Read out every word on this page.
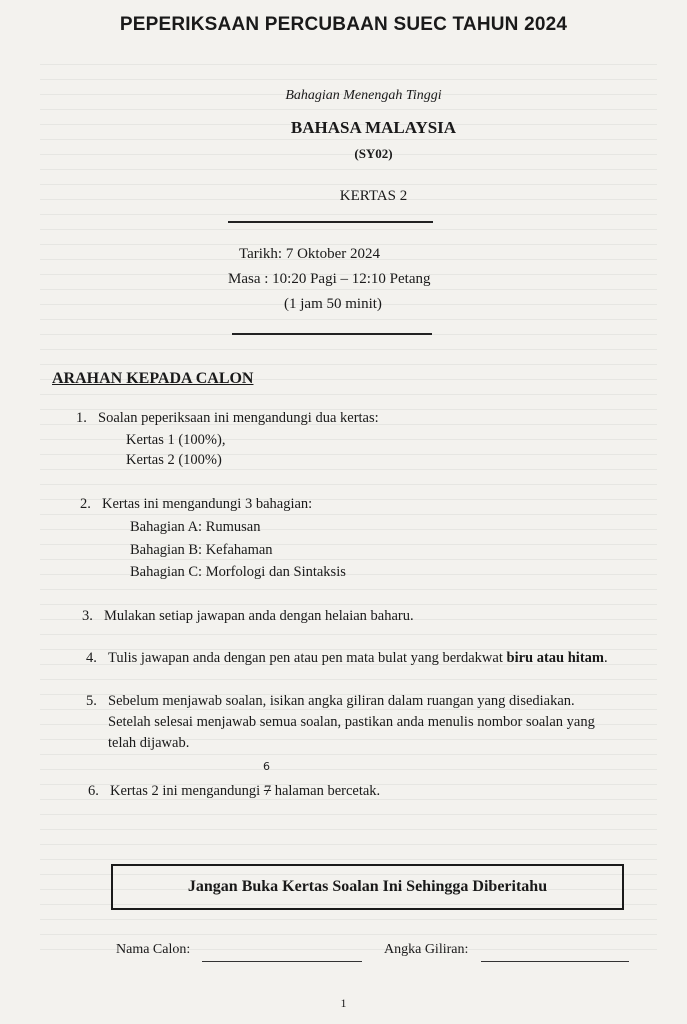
PEPERIKSAAN PERCUBAAN SUEC TAHUN 2024
Bahagian Menengah Tinggi
BAHASA MALAYSIA
(SY02)
KERTAS 2
Tarikh: 7 Oktober 2024
Masa : 10:20 Pagi – 12:10 Petang
(1 jam 50 minit)
ARAHAN KEPADA CALON
1. Soalan peperiksaan ini mengandungi dua kertas:
Kertas 1 (100%),
Kertas 2 (100%)
2. Kertas ini mengandungi 3 bahagian:
Bahagian A: Rumusan
Bahagian B: Kefahaman
Bahagian C: Morfologi dan Sintaksis
3. Mulakan setiap jawapan anda dengan helaian baharu.
4. Tulis jawapan anda dengan pen atau pen mata bulat yang berdakwat biru atau hitam.
5. Sebelum menjawab soalan, isikan angka giliran dalam ruangan yang disediakan.
Setelah selesai menjawab semua soalan, pastikan anda menulis nombor soalan yang
telah dijawab.
6
6. Kertas 2 ini mengandungi 7 halaman bercetak.
Jangan Buka Kertas Soalan Ini Sehingga Diberitahu
Nama Calon:	Angka Giliran:
1
